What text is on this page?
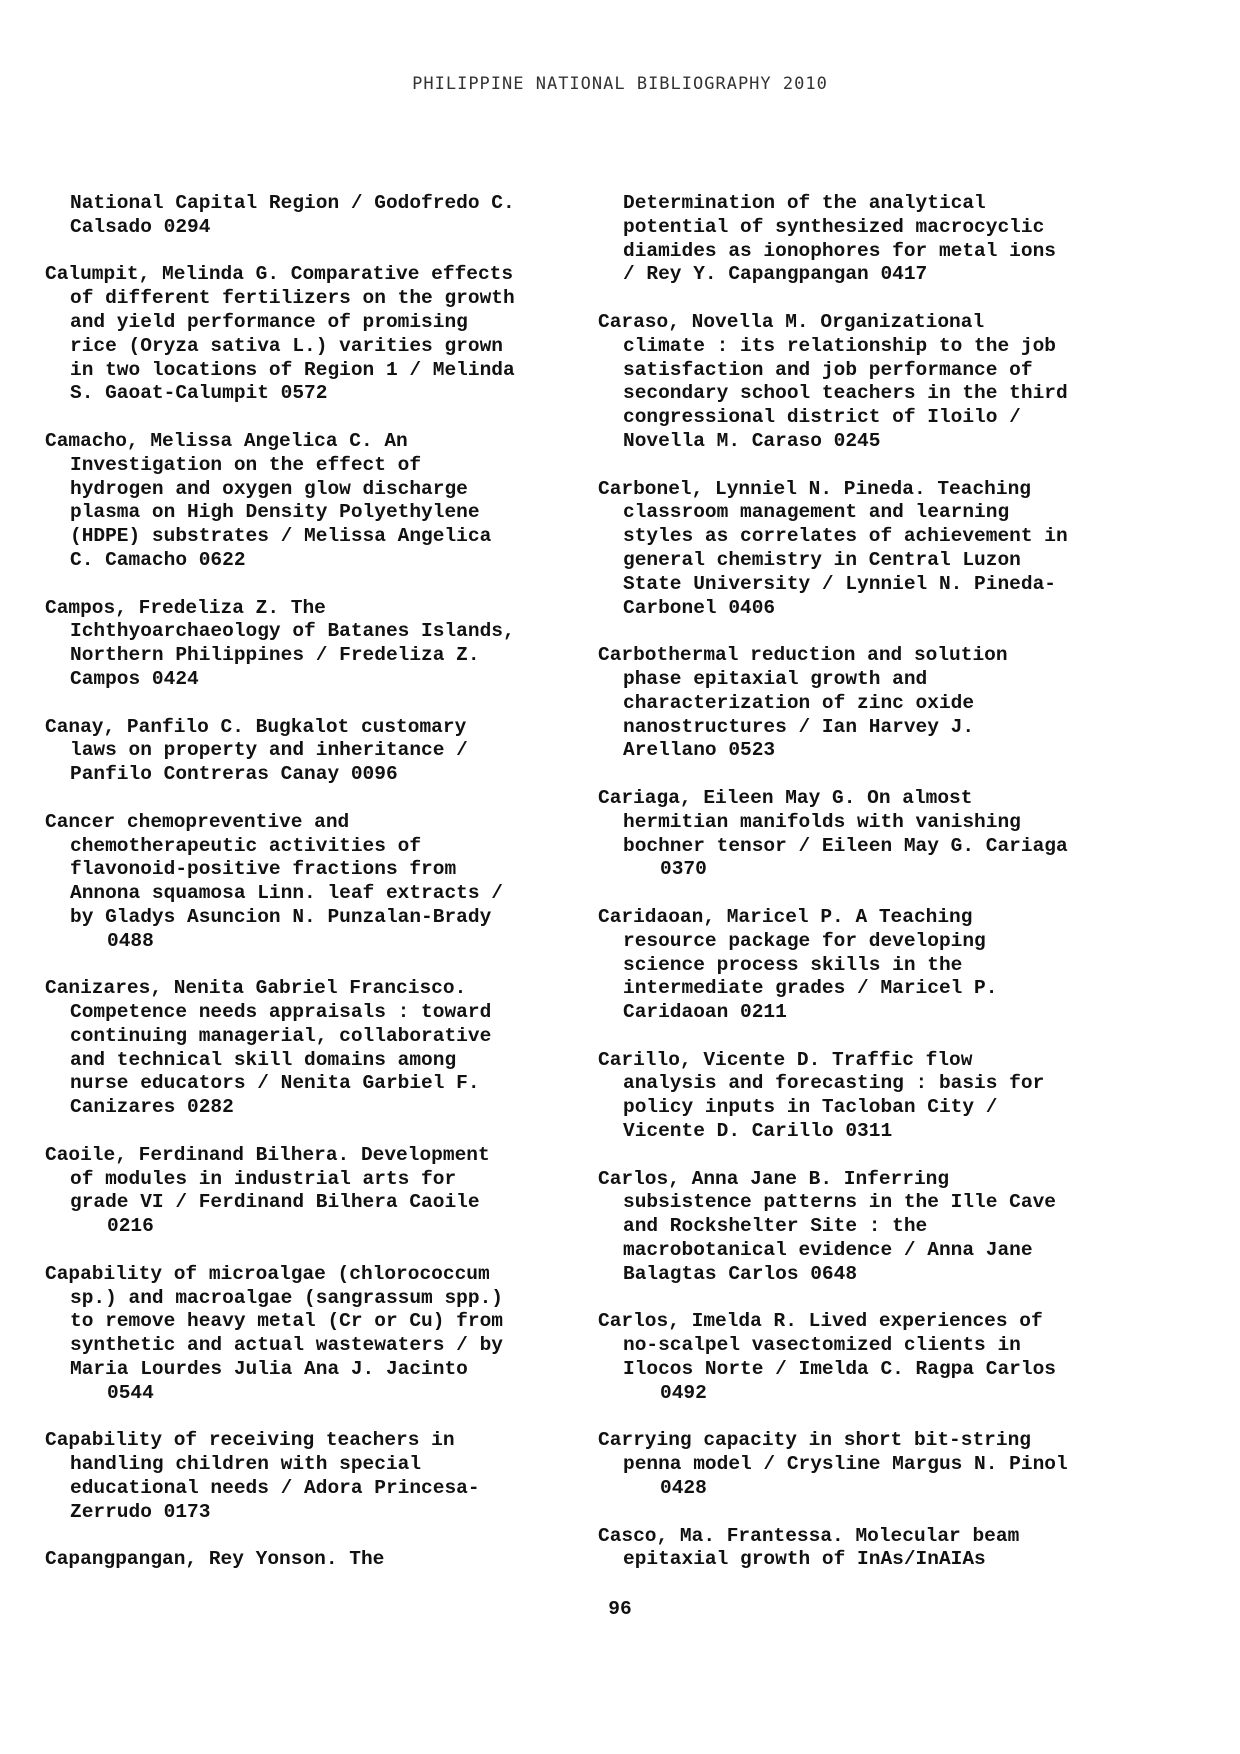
PHILIPPINE NATIONAL BIBLIOGRAPHY 2010
National Capital Region / Godofredo C.
Calsado 0294
Calumpit, Melinda G. Comparative effects
of different fertilizers on the growth
and yield performance of promising
rice (Oryza sativa L.) varities grown
in two locations of Region 1 / Melinda
S. Gaoat-Calumpit 0572
Camacho, Melissa Angelica C. An
Investigation on the effect of
hydrogen and oxygen glow discharge
plasma on High Density Polyethylene
(HDPE) substrates / Melissa Angelica
C. Camacho 0622
Campos, Fredeliza Z. The
Ichthyoarchaeology of Batanes Islands,
Northern Philippines / Fredeliza Z.
Campos 0424
Canay, Panfilo C. Bugkalot customary
laws on property and inheritance /
Panfilo Contreras Canay 0096
Cancer chemopreventive and
chemotherapeutic activities of
flavonoid-positive fractions from
Annona squamosa Linn. leaf extracts /
by Gladys Asuncion N. Punzalan-Brady
0488
Canizares, Nenita Gabriel Francisco.
Competence needs appraisals : toward
continuing managerial, collaborative
and technical skill domains among
nurse educators / Nenita Garbiel F.
Canizares 0282
Caoile, Ferdinand Bilhera. Development
of modules in industrial arts for
grade VI / Ferdinand Bilhera Caoile
0216
Capability of microalgae (chlorococcum
sp.) and macroalgae (sangrassum spp.)
to remove heavy metal (Cr or Cu) from
synthetic and actual wastewaters / by
Maria Lourdes Julia Ana J. Jacinto
0544
Capability of receiving teachers in
handling children with special
educational needs / Adora Princesa-
Zerrudo 0173
Capangpangan, Rey Yonson. The
Determination of the analytical
potential of synthesized macrocyclic
diamides as ionophores for metal ions
/ Rey Y. Capangpangan 0417
Caraso, Novella M. Organizational
climate : its relationship to the job
satisfaction and job performance of
secondary school teachers in the third
congressional district of Iloilo /
Novella M. Caraso 0245
Carbonel, Lynniel N. Pineda. Teaching
classroom management and learning
styles as correlates of achievement in
general chemistry in Central Luzon
State University / Lynniel N. Pineda-
Carbonel 0406
Carbothermal reduction and solution
phase epitaxial growth and
characterization of zinc oxide
nanostructures / Ian Harvey J.
Arellano 0523
Cariaga, Eileen May G. On almost
hermitian manifolds with vanishing
bochner tensor / Eileen May G. Cariaga
0370
Caridaoan, Maricel P. A Teaching
resource package for developing
science process skills in the
intermediate grades / Maricel P.
Caridaoan 0211
Carillo, Vicente D. Traffic flow
analysis and forecasting : basis for
policy inputs in Tacloban City /
Vicente D. Carillo 0311
Carlos, Anna Jane B. Inferring
subsistence patterns in the Ille Cave
and Rockshelter Site : the
macrobotanical evidence / Anna Jane
Balagtas Carlos 0648
Carlos, Imelda R. Lived experiences of
no-scalpel vasectomized clients in
Ilocos Norte / Imelda C. Ragpa Carlos
0492
Carrying capacity in short bit-string
penna model / Crysline Margus N. Pinol
0428
Casco, Ma. Frantessa. Molecular beam
epitaxial growth of InAs/InAIAs
96
